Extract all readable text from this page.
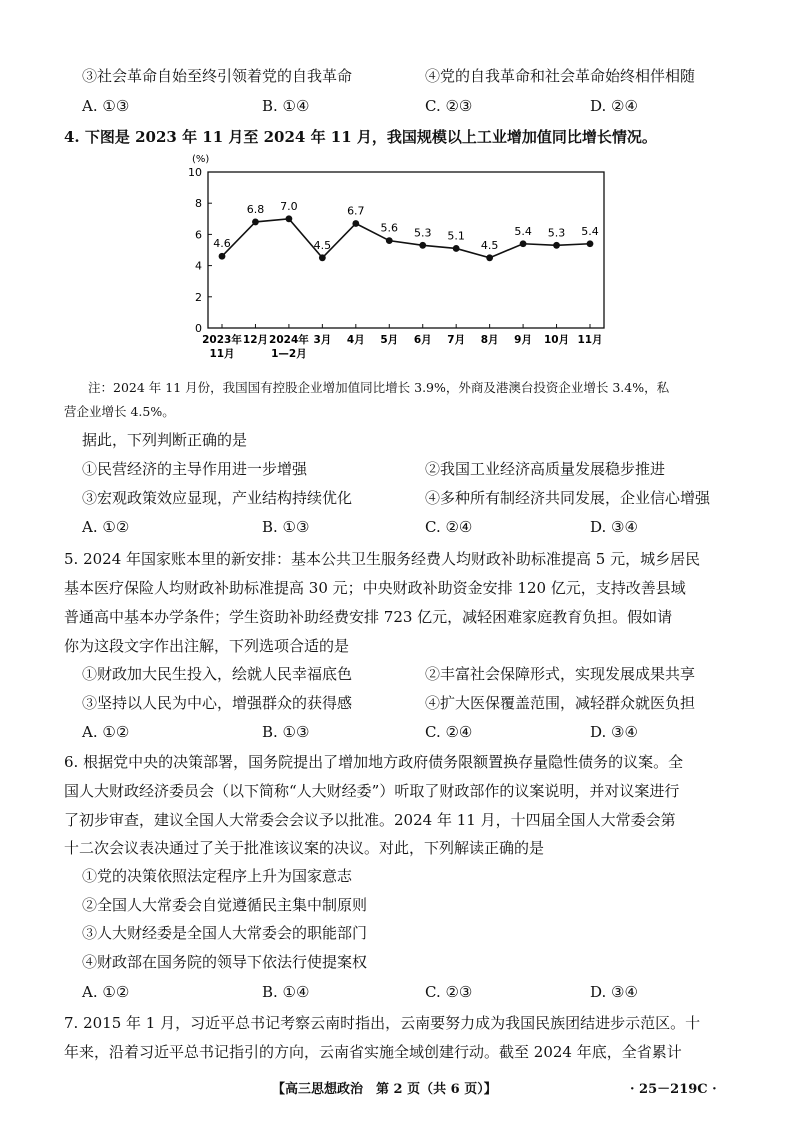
③社会革命自始至终引领着党的自我革命	④党的自我革命和社会革命始终相伴相随
A. ①③	B. ①④	C. ②③	D. ②④
4. 下图是 2023 年 11 月至 2024 年 11 月，我国规模以上工业增加值同比增长情况。
(%)
0
2
4
6
8
10
2023年
11月
12月 2024年
1—2月
3月 4月 5月 6月 7月 8月 9月 10月 11月
4.6
6.8 7.0
4.5
6.7
5.6 5.3 5.1
4.5
5.4 5.3 5.4
注：2024 年 11 月份，我国国有控股企业增加值同比增长 3.9%，外商及港澳台投资企业增长 3.4%，私
营企业增长 4.5%。
据此，下列判断正确的是
①民营经济的主导作用进一步增强	②我国工业经济高质量发展稳步推进
③宏观政策效应显现，产业结构持续优化	④多种所有制经济共同发展，企业信心增强
A. ①②	B. ①③	C. ②④	D. ③④
5. 2024 年国家账本里的新安排：基本公共卫生服务经费人均财政补助标准提高 5 元，城乡居民
基本医疗保险人均财政补助标准提高 30 元；中央财政补助资金安排 120 亿元，支持改善县域
普通高中基本办学条件；学生资助补助经费安排 723 亿元，减轻困难家庭教育负担。假如请
你为这段文字作出注解，下列选项合适的是
①财政加大民生投入，绘就人民幸福底色	②丰富社会保障形式，实现发展成果共享
③坚持以人民为中心，增强群众的获得感	④扩大医保覆盖范围，减轻群众就医负担
A. ①②	B. ①③	C. ②④	D. ③④
6. 根据党中央的决策部署，国务院提出了增加地方政府债务限额置换存量隐性债务的议案。全
国人大财政经济委员会（以下简称“人大财经委”）听取了财政部作的议案说明，并对议案进行
了初步审查，建议全国人大常委会会议予以批准。2024 年 11 月，十四届全国人大常委会第
十二次会议表决通过了关于批准该议案的决议。对此，下列解读正确的是
①党的决策依照法定程序上升为国家意志
②全国人大常委会自觉遵循民主集中制原则
③人大财经委是全国人大常委会的职能部门
④财政部在国务院的领导下依法行使提案权
A. ①②	B. ①④	C. ②③	D. ③④
7. 2015 年 1 月，习近平总书记考察云南时指出，云南要努力成为我国民族团结进步示范区。十
年来，沿着习近平总书记指引的方向，云南省实施全域创建行动。截至 2024 年底，全省累计
【高三思想政治　第 2 页（共 6 页）】	· 25－219C ·
